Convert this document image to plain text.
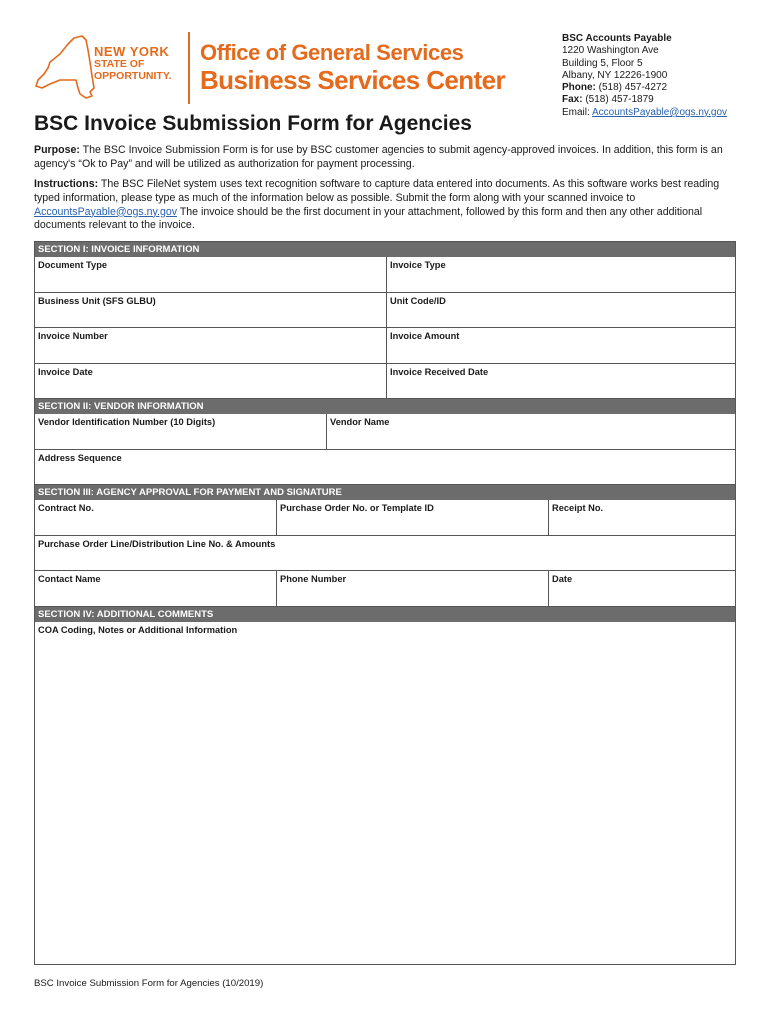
NEW YORK
STATE OF
OPPORTUNITY.
Office of General Services
Business Services Center
BSC Accounts Payable
1220 Washington Ave
Building 5, Floor 5
Albany, NY 12226-1900
Phone: (518) 457-4272
Fax: (518) 457-1879
Email: AccountsPayable@ogs.ny.gov
BSC Invoice Submission Form for Agencies
Purpose: The BSC Invoice Submission Form is for use by BSC customer agencies to submit agency-approved invoices. In addition, this form is an agency's “Ok to Pay” and will be utilized as authorization for payment processing.
Instructions: The BSC FileNet system uses text recognition software to capture data entered into documents. As this software works best reading typed information, please type as much of the information below as possible. Submit the form along with your scanned invoice to AccountsPayable@ogs.ny.gov The invoice should be the first document in your attachment, followed by this form and then any other additional documents relevant to the invoice.
SECTION I: INVOICE INFORMATION
Document Type	Invoice Type
Business Unit (SFS GLBU)	Unit Code/ID
Invoice Number	Invoice Amount
Invoice Date	Invoice Received Date
SECTION II: VENDOR INFORMATION
Vendor Identification Number (10 Digits)	Vendor Name
Address Sequence
SECTION III: AGENCY APPROVAL FOR PAYMENT AND SIGNATURE
Contract No.	Purchase Order No. or Template ID	Receipt No.
Purchase Order Line/Distribution Line No. & Amounts
Contact Name	Phone Number	Date
SECTION IV: ADDITIONAL COMMENTS
COA Coding, Notes or Additional Information
BSC Invoice Submission Form for Agencies (10/2019)
